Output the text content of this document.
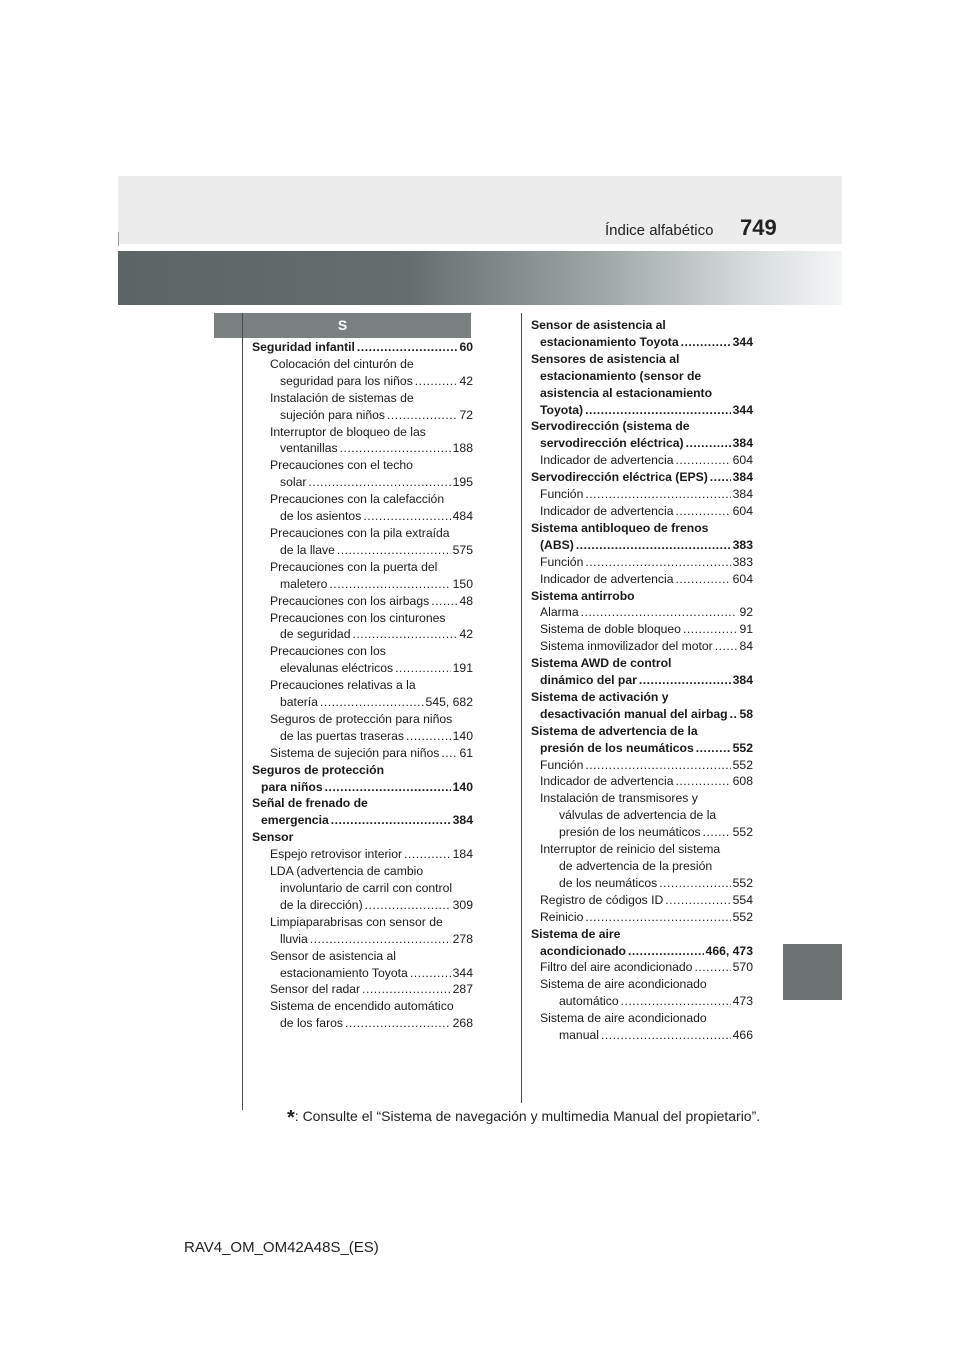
Índice alfabético 749
S
Seguridad infantil .....	60
Colocación del cinturón de
seguridad para los niños .....	42
Instalación de sistemas de
sujeción para niños .....	72
Interruptor de bloqueo de las
ventanillas .....	188
Precauciones con el techo
solar .....	195
Precauciones con la calefacción
de los asientos .....	484
Precauciones con la pila extraída
de la llave .....	575
Precauciones con la puerta del
maletero .....	150
Precauciones con los airbags ..... 48
Precauciones con los cinturones
de seguridad .....	42
Precauciones con los
elevalunas eléctricos .....	191
Precauciones relativas a la
batería .....	545, 682
Seguros de protección para niños
de las puertas traseras .....	140
Sistema de sujeción para niños ..... 61
Seguros de protección
para niños .....	140
Señal de frenado de
emergencia .....	384
Sensor
Espejo retrovisor interior .....	184
LDA (advertencia de cambio
involuntario de carril con control
de la dirección) .....	309
Limpiaparabrisas con sensor de
lluvia .....	278
Sensor de asistencia al
estacionamiento Toyota .....	344
Sensor del radar .....	287
Sistema de encendido automático
de los faros .....	268
Sensor de asistencia al
estacionamiento Toyota .....	344
Sensores de asistencia al
estacionamiento (sensor de
asistencia al estacionamiento
Toyota) .....	344
Servodirección (sistema de
servodirección eléctrica) .....	384
Indicador de advertencia .....	604
Servodirección eléctrica (EPS) ..... 384
Función .....	384
Indicador de advertencia .....	604
Sistema antibloqueo de frenos
(ABS) .....	383
Función .....	383
Indicador de advertencia .....	604
Sistema antirrobo
Alarma .....	92
Sistema de doble bloqueo .....	91
Sistema inmovilizador del motor ..... 84
Sistema AWD de control
dinámico del par .....	384
Sistema de activación y
desactivación manual del airbag ..... 58
Sistema de advertencia de la
presión de los neumáticos .....	552
Función .....	552
Indicador de advertencia .....	608
Instalación de transmisores y
válvulas de advertencia de la
presión de los neumáticos .....	552
Interruptor de reinicio del sistema
de advertencia de la presión
de los neumáticos .....	552
Registro de códigos ID .....	554
Reinicio .....	552
Sistema de aire
acondicionado .....	466, 473
Filtro del aire acondicionado .....	570
Sistema de aire acondicionado
automático .....	473
Sistema de aire acondicionado
manual .....	466
*: Consulte el “Sistema de navegación y multimedia Manual del propietario”.
RAV4_OM_OM42A48S_(ES)
